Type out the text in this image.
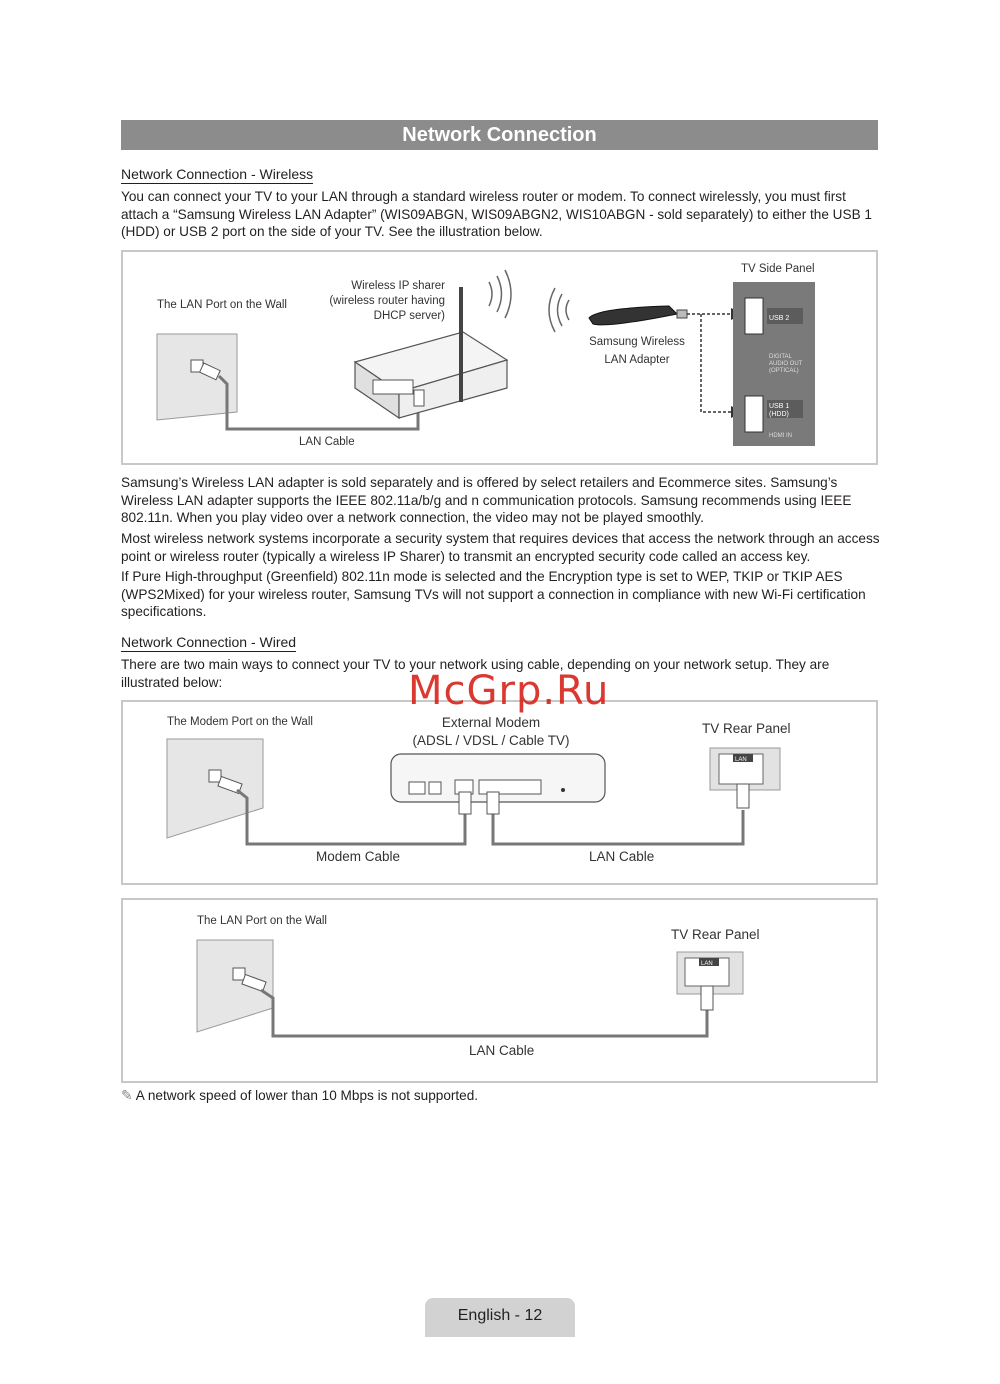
Network Connection
Network Connection - Wireless

You can connect your TV to your LAN through a standard wireless router or modem. To connect wirelessly, you must first attach a “Samsung Wireless LAN Adapter” (WIS09ABGN, WIS09ABGN2, WIS10ABGN - sold separately) to either the USB 1 (HDD) or USB 2 port on the side of your TV. See the illustration below.

USB 2
DIGITAL
AUDIO OUT
(OPTICAL)
USB 1
(HDD)
HDMI IN
The LAN Port on the Wall
Wireless IP sharer
(wireless router having
DHCP server)
Samsung Wireless
LAN Adapter
TV Side Panel
LAN Cable

Samsung’s Wireless LAN adapter is sold separately and is offered by select retailers and Ecommerce sites. Samsung’s Wireless LAN adapter supports the IEEE 802.11a/b/g and n communication protocols. Samsung recommends using IEEE 802.11n. When you play video over a network connection, the video may not be played smoothly.

Most wireless network systems incorporate a security system that requires devices that access the network through an access point or wireless router (typically a wireless IP Sharer) to transmit an encrypted security code called an access key.

If Pure High-throughput (Greenfield) 802.11n mode is selected and the Encryption type is set to WEP, TKIP or TKIP AES (WPS2Mixed) for your wireless router, Samsung TVs will not support a connection in compliance with new Wi-Fi certification specifications.

Network Connection - Wired

There are two main ways to connect your TV to your network using cable, depending on your network setup. They are illustrated below:

LAN
The Modem Port on the Wall	External Modem
(ADSL / VDSL / Cable TV)
TV Rear Panel
Modem Cable	LAN Cable
LAN
The LAN Port on the Wall
TV Rear Panel
LAN Cable
✎ A network speed of lower than 10 Mbps is not supported.
McGrp.Ru
English - 12
